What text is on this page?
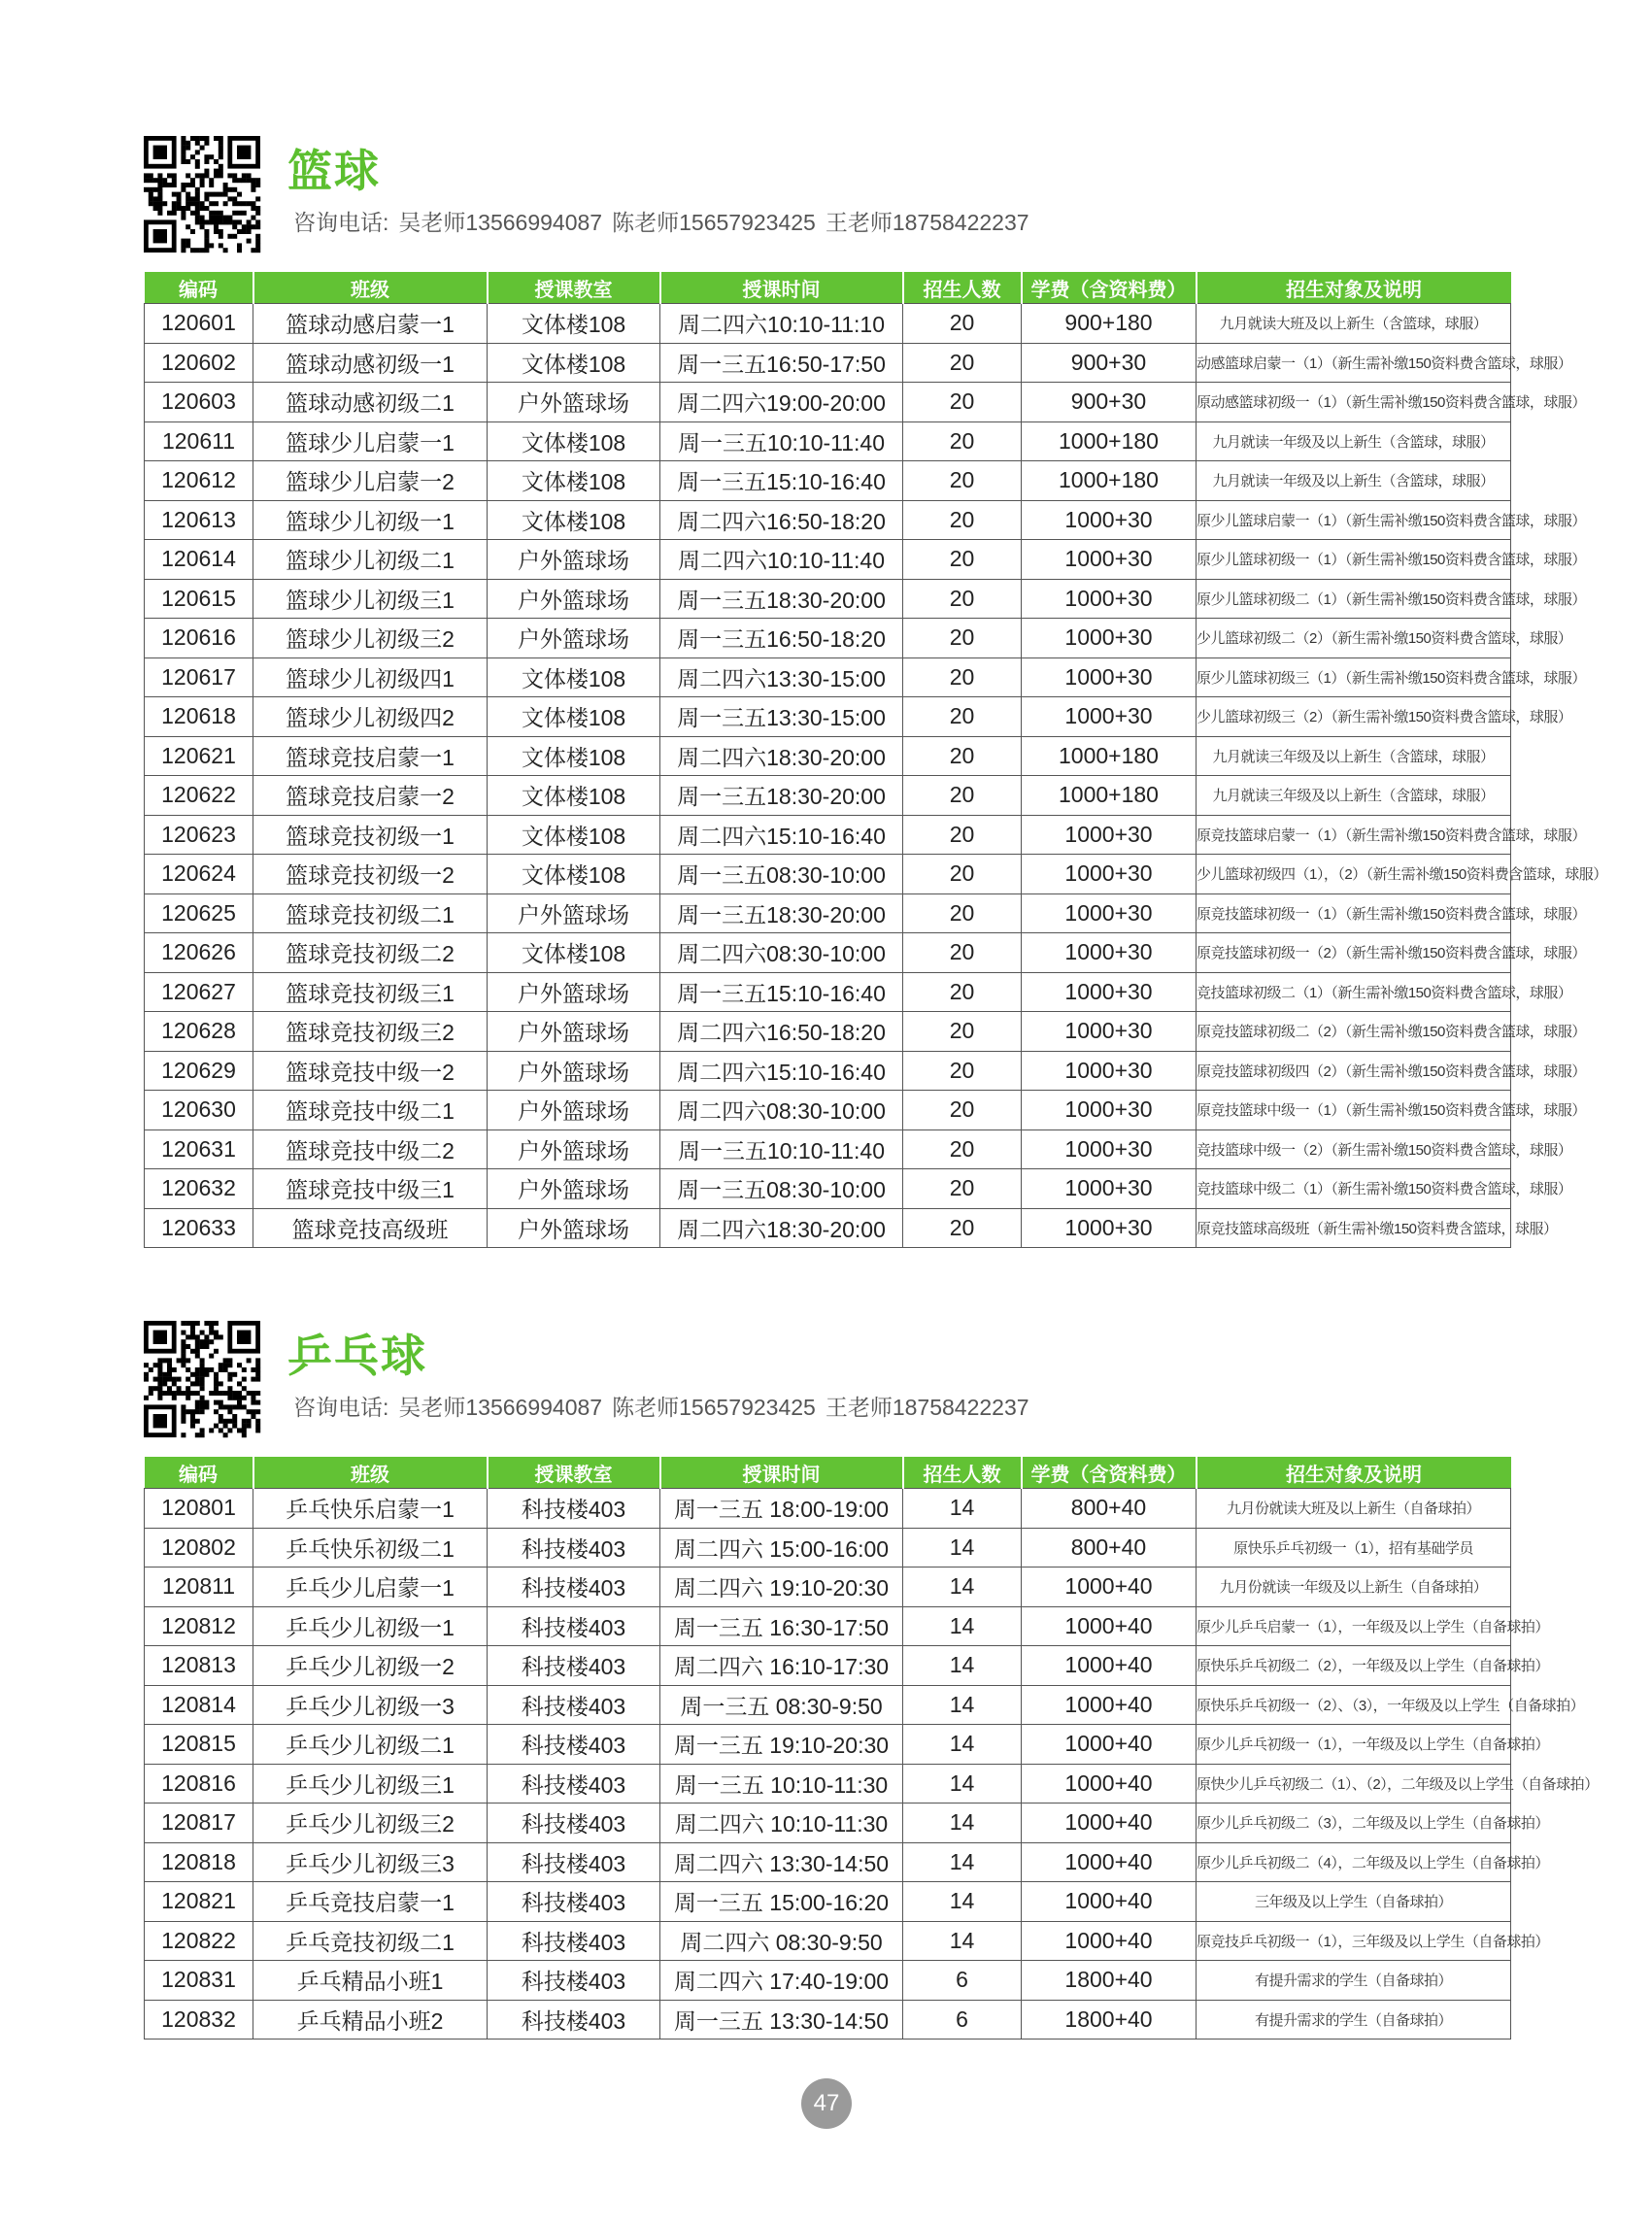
篮球
咨询电话: 吴老师13566994087 陈老师15657923425 王老师18758422237
编码	班级	授课教室	授课时间	招生人数	学费（含资料费）	招生对象及说明
120601	篮球动感启蒙一1	文体楼108	周二四六10:10-11:10	20	900+180	九月就读大班及以上新生（含篮球，球服）
120602	篮球动感初级一1	文体楼108	周一三五16:50-17:50	20	900+30	动感篮球启蒙一（1）（新生需补缴150资料费含篮球，球服）
120603	篮球动感初级二1	户外篮球场	周二四六19:00-20:00	20	900+30	原动感篮球初级一（1）（新生需补缴150资料费含篮球，球服）
120611	篮球少儿启蒙一1	文体楼108	周一三五10:10-11:40	20	1000+180	九月就读一年级及以上新生（含篮球，球服）
120612	篮球少儿启蒙一2	文体楼108	周一三五15:10-16:40	20	1000+180	九月就读一年级及以上新生（含篮球，球服）
120613	篮球少儿初级一1	文体楼108	周二四六16:50-18:20	20	1000+30	原少儿篮球启蒙一（1）（新生需补缴150资料费含篮球，球服）
120614	篮球少儿初级二1	户外篮球场	周二四六10:10-11:40	20	1000+30	原少儿篮球初级一（1）（新生需补缴150资料费含篮球，球服）
120615	篮球少儿初级三1	户外篮球场	周一三五18:30-20:00	20	1000+30	原少儿篮球初级二（1）（新生需补缴150资料费含篮球，球服）
120616	篮球少儿初级三2	户外篮球场	周一三五16:50-18:20	20	1000+30	少儿篮球初级二（2）（新生需补缴150资料费含篮球，球服）
120617	篮球少儿初级四1	文体楼108	周二四六13:30-15:00	20	1000+30	原少儿篮球初级三（1）（新生需补缴150资料费含篮球，球服）
120618	篮球少儿初级四2	文体楼108	周一三五13:30-15:00	20	1000+30	少儿篮球初级三（2）（新生需补缴150资料费含篮球，球服）
120621	篮球竞技启蒙一1	文体楼108	周二四六18:30-20:00	20	1000+180	九月就读三年级及以上新生（含篮球，球服）
120622	篮球竞技启蒙一2	文体楼108	周一三五18:30-20:00	20	1000+180	九月就读三年级及以上新生（含篮球，球服）
120623	篮球竞技初级一1	文体楼108	周二四六15:10-16:40	20	1000+30	原竞技篮球启蒙一（1）（新生需补缴150资料费含篮球，球服）
120624	篮球竞技初级一2	文体楼108	周一三五08:30-10:00	20	1000+30	少儿篮球初级四（1），（2）（新生需补缴150资料费含篮球，球服）
120625	篮球竞技初级二1	户外篮球场	周一三五18:30-20:00	20	1000+30	原竞技篮球初级一（1）（新生需补缴150资料费含篮球，球服）
120626	篮球竞技初级二2	文体楼108	周二四六08:30-10:00	20	1000+30	原竞技篮球初级一（2）（新生需补缴150资料费含篮球，球服）
120627	篮球竞技初级三1	户外篮球场	周一三五15:10-16:40	20	1000+30	竞技篮球初级二（1）（新生需补缴150资料费含篮球，球服）
120628	篮球竞技初级三2	户外篮球场	周二四六16:50-18:20	20	1000+30	原竞技篮球初级二（2）（新生需补缴150资料费含篮球，球服）
120629	篮球竞技中级一2	户外篮球场	周二四六15:10-16:40	20	1000+30	原竞技篮球初级四（2）（新生需补缴150资料费含篮球，球服）
120630	篮球竞技中级二1	户外篮球场	周二四六08:30-10:00	20	1000+30	原竞技篮球中级一（1）（新生需补缴150资料费含篮球，球服）
120631	篮球竞技中级二2	户外篮球场	周一三五10:10-11:40	20	1000+30	竞技篮球中级一（2）（新生需补缴150资料费含篮球，球服）
120632	篮球竞技中级三1	户外篮球场	周一三五08:30-10:00	20	1000+30	竞技篮球中级二（1）（新生需补缴150资料费含篮球，球服）
120633	篮球竞技高级班	户外篮球场	周二四六18:30-20:00	20	1000+30	原竞技篮球高级班（新生需补缴150资料费含篮球，球服）
乒乓球
咨询电话: 吴老师13566994087 陈老师15657923425 王老师18758422237
编码	班级	授课教室	授课时间	招生人数	学费（含资料费）	招生对象及说明
120801	乒乓快乐启蒙一1	科技楼403	周一三五 18:00-19:00	14	800+40	九月份就读大班及以上新生（自备球拍）
120802	乒乓快乐初级二1	科技楼403	周二四六 15:00-16:00	14	800+40	原快乐乒乓初级一（1），招有基础学员
120811	乒乓少儿启蒙一1	科技楼403	周二四六 19:10-20:30	14	1000+40	九月份就读一年级及以上新生（自备球拍）
120812	乒乓少儿初级一1	科技楼403	周一三五 16:30-17:50	14	1000+40	原少儿乒乓启蒙一（1），一年级及以上学生（自备球拍）
120813	乒乓少儿初级一2	科技楼403	周二四六 16:10-17:30	14	1000+40	原快乐乒乓初级二（2），一年级及以上学生（自备球拍）
120814	乒乓少儿初级一3	科技楼403	周一三五 08:30-9:50	14	1000+40	原快乐乒乓初级一（2）、（3），一年级及以上学生（自备球拍）
120815	乒乓少儿初级二1	科技楼403	周一三五 19:10-20:30	14	1000+40	原少儿乒乓初级一（1），一年级及以上学生（自备球拍）
120816	乒乓少儿初级三1	科技楼403	周一三五 10:10-11:30	14	1000+40	原快少儿乒乓初级二（1）、（2），二年级及以上学生（自备球拍）
120817	乒乓少儿初级三2	科技楼403	周二四六 10:10-11:30	14	1000+40	原少儿乒乓初级二（3），二年级及以上学生（自备球拍）
120818	乒乓少儿初级三3	科技楼403	周二四六 13:30-14:50	14	1000+40	原少儿乒乓初级二（4），二年级及以上学生（自备球拍）
120821	乒乓竞技启蒙一1	科技楼403	周一三五 15:00-16:20	14	1000+40	三年级及以上学生（自备球拍）
120822	乒乓竞技初级二1	科技楼403	周二四六 08:30-9:50	14	1000+40	原竞技乒乓初级一（1），三年级及以上学生（自备球拍）
120831	乒乓精品小班1	科技楼403	周二四六 17:40-19:00	6	1800+40	有提升需求的学生（自备球拍）
120832	乒乓精品小班2	科技楼403	周一三五 13:30-14:50	6	1800+40	有提升需求的学生（自备球拍）
47
